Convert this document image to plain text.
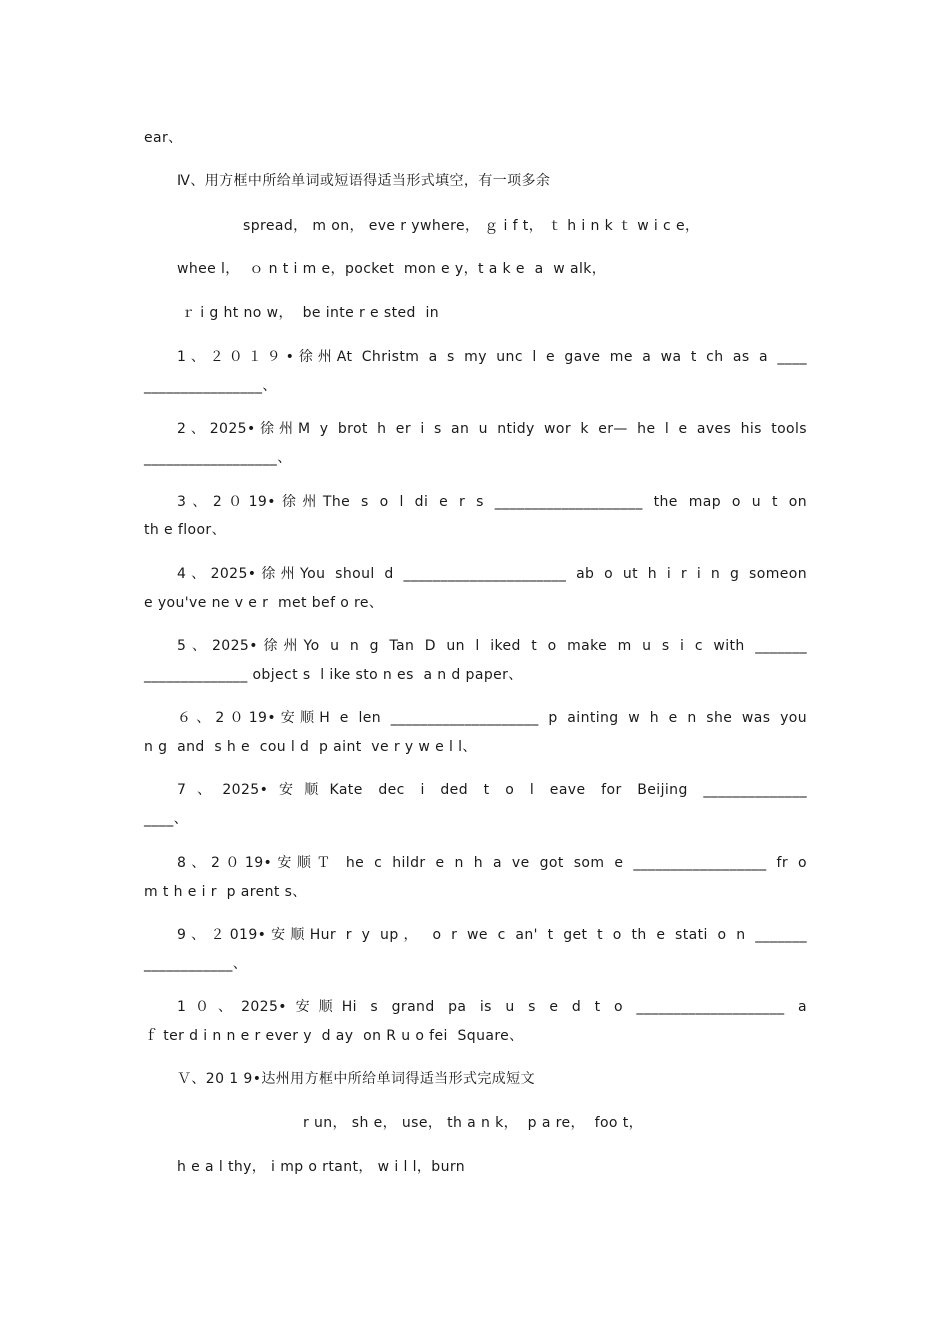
ear、
Ⅳ、用方框中所给单词或短语得适当形式填空，有一项多余
spread， m on， eve r ywhere， ｇ i f t， ｔ h i n k ｔ w i c e，
whee l，  ｏ n t i m e，pocket  mon e y，t a k e  a  w alk，
ｒ i g ht no w，  be inte r e sted  in
1、２０１９•徐州At Christm a s my unc l e gave me a wa t ch as a ____
________________、
2、2025•徐州M y brot h er i s an u ntidy wor k er— he l e aves his tools
__________________、
3、2０19•徐州The s o l di e r s ____________________ the map o u t on
th e floor、
4、2025•徐州You shoul d ______________________ ab o ut h i r i n g someon
e you've ne v e r  met bef o re、
5、2025•徐州Yo u n g Tan D un l iked t o make m u s i c with _______
______________ object s  l ike sto n es  a n d paper、
６、2０19•安顺H e len ____________________ p ainting w h e n she was you
n g  and  s h e  cou l d  p aint  ve r y w e l l、
7、2025•安顺Kate dec i ded t o l eave for Beijing ______________
____、
8、2０19•安顺Ｔ he c hildr e n h a ve got som e __________________ fr o
m t h e i r  p arent s、
9、２019•安顺Hur r y up， o r we c an' t get t o th e stati o n _______
____________、
1０、2025•安顺Hi s grand pa is u s e d t o ____________________ a
ｆ ter d i n n e r ever y  d ay  on R u o fei  Square、
Ｖ、20 1 9•达州用方框中所给单词得适当形式完成短文
r un， sh e， use， th a n k，  p a re，  foo t，
h e a l thy， i mp o rtant， w i l l，burn
